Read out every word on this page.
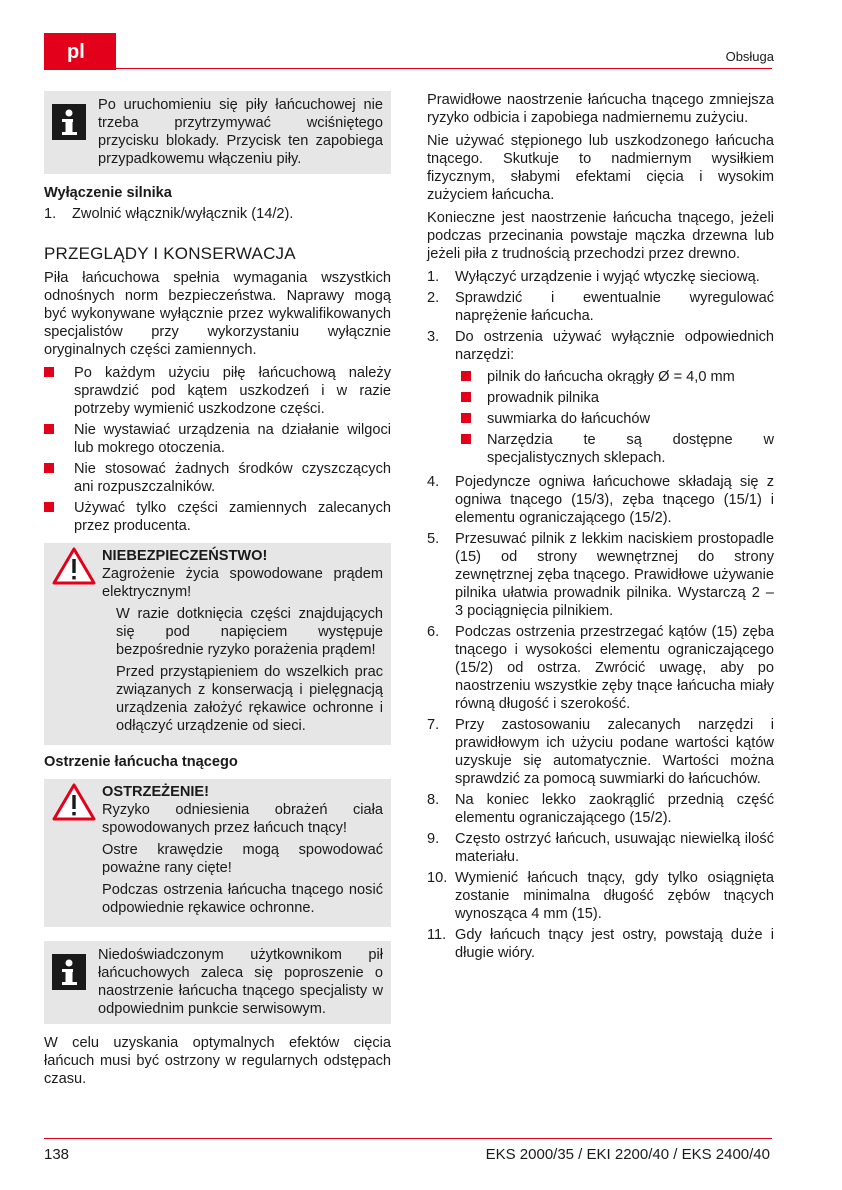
pl	Obsługa
Po uruchomieniu się piły łańcuchowej nie trzeba przytrzymywać wciśniętego przycisku blokady. Przycisk ten zapobiega przypadkowemu włączeniu piły.
Wyłączenie silnika
1.	Zwolnić włącznik/wyłącznik (14/2).
PRZEGLĄDY I KONSERWACJA

Piła łańcuchowa spełnia wymagania wszystkich odnośnych norm bezpieczeństwa. Naprawy mogą być wykonywane wyłącznie przez wykwalifikowanych specjalistów przy wykorzystaniu wyłącznie oryginalnych części zamiennych.

Po każdym użyciu piłę łańcuchową należy sprawdzić pod kątem uszkodzeń i w razie potrzeby wymienić uszkodzone części.
Nie wystawiać urządzenia na działanie wilgoci lub mokrego otoczenia.
Nie stosować żadnych środków czyszczących ani rozpuszczalników.
Używać tylko części zamiennych zalecanych przez producenta.
NIEBEZPIECZEŃSTWO!

Zagrożenie życia spowodowane prądem elektrycznym!

W razie dotknięcia części znajdujących się pod napięciem występuje bezpośrednie ryzyko porażenia prądem!

Przed przystąpieniem do wszelkich prac związanych z konserwacją i pielęgnacją urządzenia założyć rękawice ochronne i odłączyć urządzenie od sieci.

Ostrzenie łańcucha tnącego
OSTRZEŻENIE!

Ryzyko odniesienia obrażeń ciała spowodowanych przez łańcuch tnący!

Ostre krawędzie mogą spowodować poważne rany cięte!

Podczas ostrzenia łańcucha tnącego nosić odpowiednie rękawice ochronne.

Niedoświadczonym użytkownikom pił łańcuchowych zaleca się poproszenie o naostrzenie łańcucha tnącego specjalisty w odpowiednim punkcie serwisowym.

W celu uzyskania optymalnych efektów cięcia łańcuch musi być ostrzony w regularnych odstępach czasu.

Prawidłowe naostrzenie łańcucha tnącego zmniejsza ryzyko odbicia i zapobiega nadmiernemu zużyciu.

Nie używać stępionego lub uszkodzonego łańcucha tnącego. Skutkuje to nadmiernym wysiłkiem fizycznym, słabymi efektami cięcia i wysokim zużyciem łańcucha.

Konieczne jest naostrzenie łańcucha tnącego, jeżeli podczas przecinania powstaje mączka drzewna lub jeżeli piła z trudnością przechodzi przez drewno.

1.	Wyłączyć urządzenie i wyjąć wtyczkę sieciową.
2.	Sprawdzić i ewentualnie wyregulować naprężenie łańcucha.
3.	Do ostrzenia używać wyłącznie odpowiednich narzędzi:
pilnik do łańcucha okrągły Ø = 4,0 mm
prowadnik pilnika
suwmiarka do łańcuchów
Narzędzia te są dostępne w specjalistycznych sklepach.
4.	Pojedyncze ogniwa łańcuchowe składają się z ogniwa tnącego (15/3), zęba tnącego (15/1) i elementu ograniczającego (15/2).
5.	Przesuwać pilnik z lekkim naciskiem prostopadle (15) od strony wewnętrznej do strony zewnętrznej zęba tnącego. Prawidłowe używanie pilnika ułatwia prowadnik pilnika. Wystarczą 2 – 3 pociągnięcia pilnikiem.
6.	Podczas ostrzenia przestrzegać kątów (15) zęba tnącego i wysokości elementu ograniczającego (15/2) od ostrza. Zwrócić uwagę, aby po naostrzeniu wszystkie zęby tnące łańcucha miały równą długość i szerokość.
7.	Przy zastosowaniu zalecanych narzędzi i prawidłowym ich użyciu podane wartości kątów uzyskuje się automatycznie. Wartości można sprawdzić za pomocą suwmiarki do łańcuchów.
8.	Na koniec lekko zaokrąglić przednią część elementu ograniczającego (15/2).
9.	Często ostrzyć łańcuch, usuwając niewielką ilość materiału.
10. Wymienić łańcuch tnący, gdy tylko osiągnięta zostanie minimalna długość zębów tnących wynosząca 4 mm (15).
11. Gdy łańcuch tnący jest ostry, powstają duże i długie wióry.
138	EKS 2000/35 / EKI 2200/40 / EKS 2400/40
